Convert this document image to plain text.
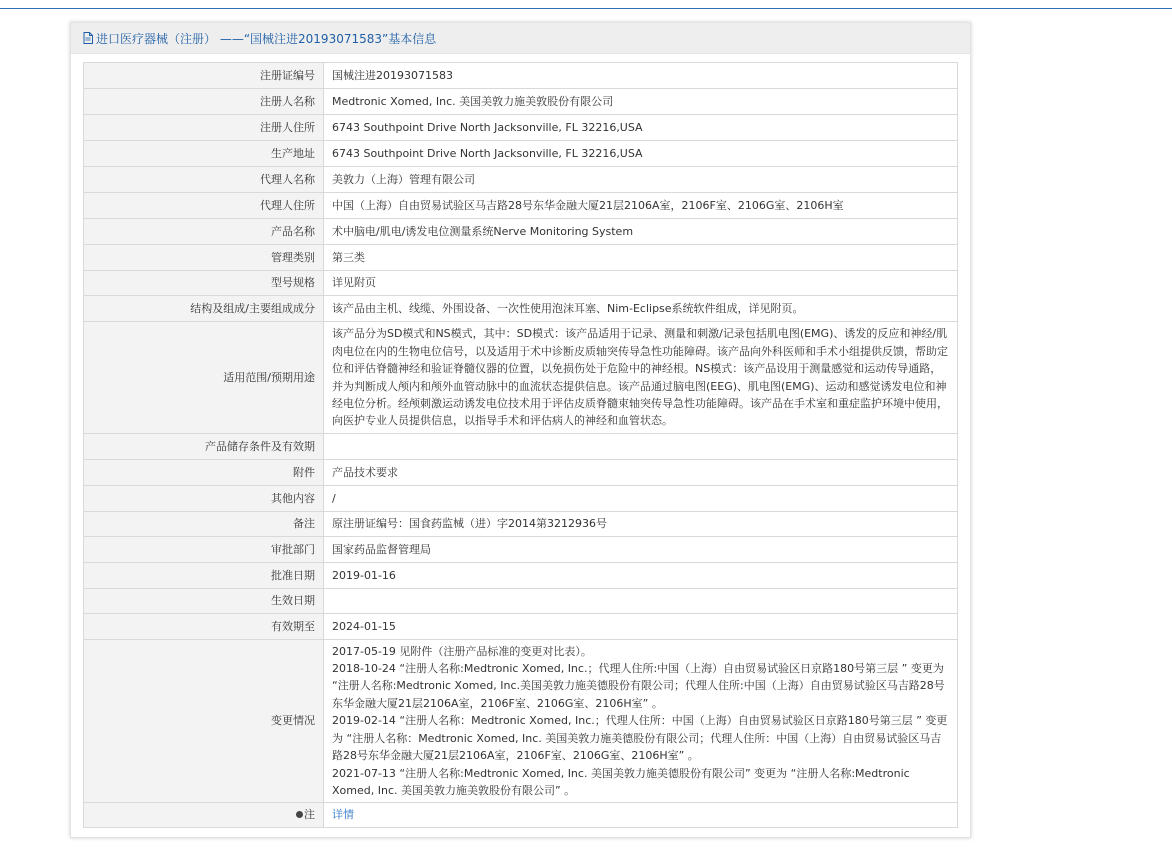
进口医疗器械（注册） ——“国械注进20193071583”基本信息
注册证编号	国械注进20193071583
注册人名称	Medtronic Xomed, Inc. 美国美敦力施美敦股份有限公司
注册人住所	6743 Southpoint Drive North Jacksonville, FL 32216,USA
生产地址	6743 Southpoint Drive North Jacksonville, FL 32216,USA
代理人名称	美敦力（上海）管理有限公司
代理人住所	中国（上海）自由贸易试验区马吉路28号东华金融大厦21层2106A室，2106F室、2106G室、2106H室
产品名称	术中脑电/肌电/诱发电位测量系统Nerve Monitoring System
管理类别	第三类
型号规格	详见附页
结构及组成/主要组成成分	该产品由主机、线缆、外围设备、一次性使用泡沫耳塞、Nim-Eclipse系统软件组成，详见附页。
适用范围/预期用途	该产品分为SD模式和NS模式，其中：SD模式：该产品适用于记录、测量和刺激/记录包括肌电图(EMG)、诱发的反应和神经/肌肉电位在内的生物电位信号，以及适用于术中诊断皮质轴突传导急性功能障碍。该产品向外科医师和手术小组提供反馈，帮助定位和评估脊髓神经和验证脊髓仪器的位置，以免损伤处于危险中的神经根。NS模式：该产品设用于测量感觉和运动传导通路，并为判断成人颅内和颅外血管动脉中的血流状态提供信息。该产品通过脑电图(EEG)、肌电图(EMG)、运动和感觉诱发电位和神经电位分析。经颅刺激运动诱发电位技术用于评估皮质脊髓束轴突传导急性功能障碍。该产品在手术室和重症监护环境中使用，向医护专业人员提供信息，以指导手术和评估病人的神经和血管状态。
产品储存条件及有效期	
附件	产品技术要求
其他内容	/
备注	原注册证编号：国食药监械（进）字2014第3212936号
审批部门	国家药品监督管理局
批准日期	2019-01-16
生效日期	
有效期至	2024-01-15
变更情况	2017-05-19 见附件（注册产品标准的变更对比表）。
2018-10-24 “注册人名称:Medtronic Xomed, Inc.；代理人住所:中国（上海）自由贸易试验区日京路180号第三层 ” 变更为 “注册人名称:Medtronic Xomed, Inc.美国美敦力施美德股份有限公司；代理人住所:中国（上海）自由贸易试验区马吉路28号东华金融大厦21层2106A室，2106F室、2106G室、2106H室” 。
2019-02-14 “注册人名称：Medtronic Xomed, Inc.；代理人住所：中国（上海）自由贸易试验区日京路180号第三层 ” 变更为 “注册人名称：Medtronic Xomed, Inc. 美国美敦力施美德股份有限公司；代理人住所：中国（上海）自由贸易试验区马吉路28号东华金融大厦21层2106A室，2106F室、2106G室、2106H室” 。
2021-07-13 “注册人名称:Medtronic Xomed, Inc. 美国美敦力施美德股份有限公司” 变更为 “注册人名称:Medtronic Xomed, Inc. 美国美敦力施美敦股份有限公司” 。

注	详情
